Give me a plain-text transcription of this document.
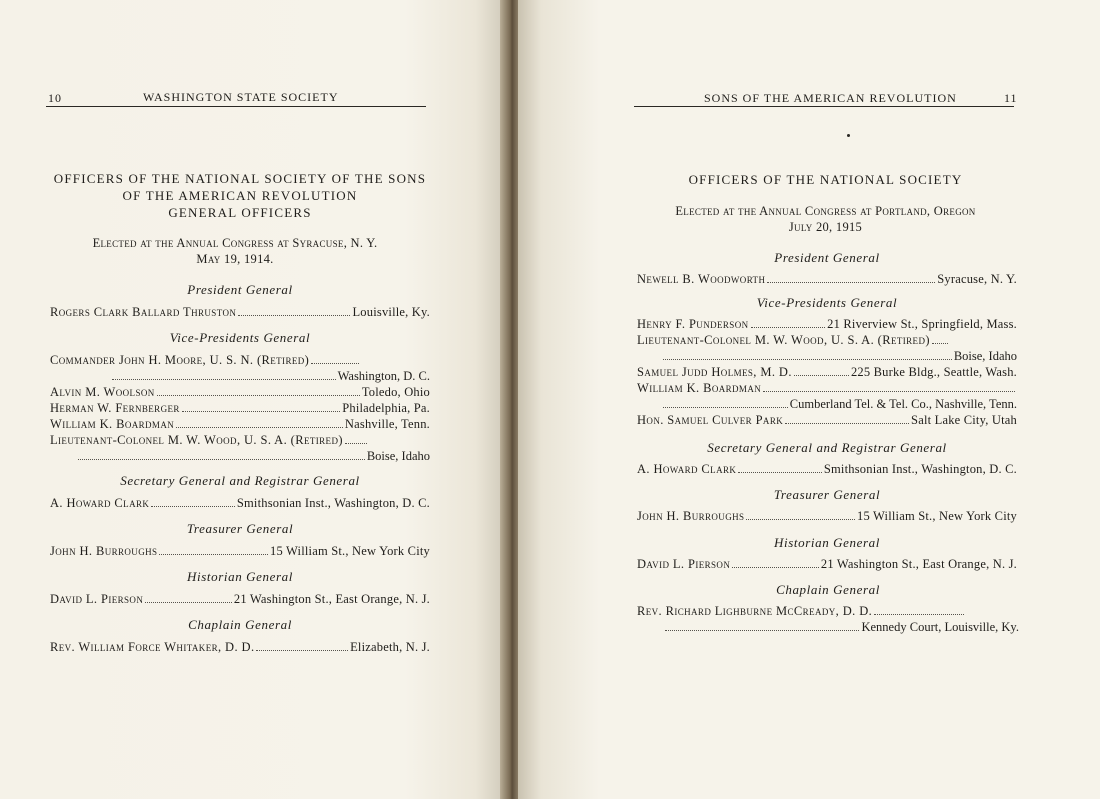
10	WASHINGTON STATE SOCIETY
OFFICERS OF THE NATIONAL SOCIETY OF THE SONS
OF THE AMERICAN REVOLUTION
GENERAL OFFICERS
Elected at the Annual Congress at Syracuse, N. Y.
May 19, 1914.
President General
Rogers Clark Ballard Thruston	Louisville, Ky.
Vice-Presidents General
Commander John H. Moore, U. S. N. (Retired)
Washington, D. C.
Alvin M. Woolson	Toledo, Ohio
Herman W. Fernberger	Philadelphia, Pa.
William K. Boardman	Nashville, Tenn.
Lieutenant-Colonel M. W. Wood, U. S. A. (Retired)
Boise, Idaho
Secretary General and Registrar General
A. Howard Clark	Smithsonian Inst., Washington, D. C.
Treasurer General
John H. Burroughs	15 William St., New York City
Historian General
David L. Pierson	21 Washington St., East Orange, N. J.
Chaplain General
Rev. William Force Whitaker, D. D.	Elizabeth, N. J.
SONS OF THE AMERICAN REVOLUTION	11
OFFICERS OF THE NATIONAL SOCIETY
Elected at the Annual Congress at Portland, Oregon
July 20, 1915
President General
Newell B. Woodworth	Syracuse, N. Y.
Vice-Presidents General
Henry F. Punderson	21 Riverview St., Springfield, Mass.
Lieutenant-Colonel M. W. Wood, U. S. A. (Retired)
Boise, Idaho
Samuel Judd Holmes, M. D.	225 Burke Bldg., Seattle, Wash.
William K. Boardman
Cumberland Tel. & Tel. Co., Nashville, Tenn.
Hon. Samuel Culver Park	Salt Lake City, Utah
Secretary General and Registrar General
A. Howard Clark	Smithsonian Inst., Washington, D. C.
Treasurer General
John H. Burroughs	15 William St., New York City
Historian General
David L. Pierson	21 Washington St., East Orange, N. J.
Chaplain General
Rev. Richard Lighburne McCready, D. D.
Kennedy Court, Louisville, Ky.
